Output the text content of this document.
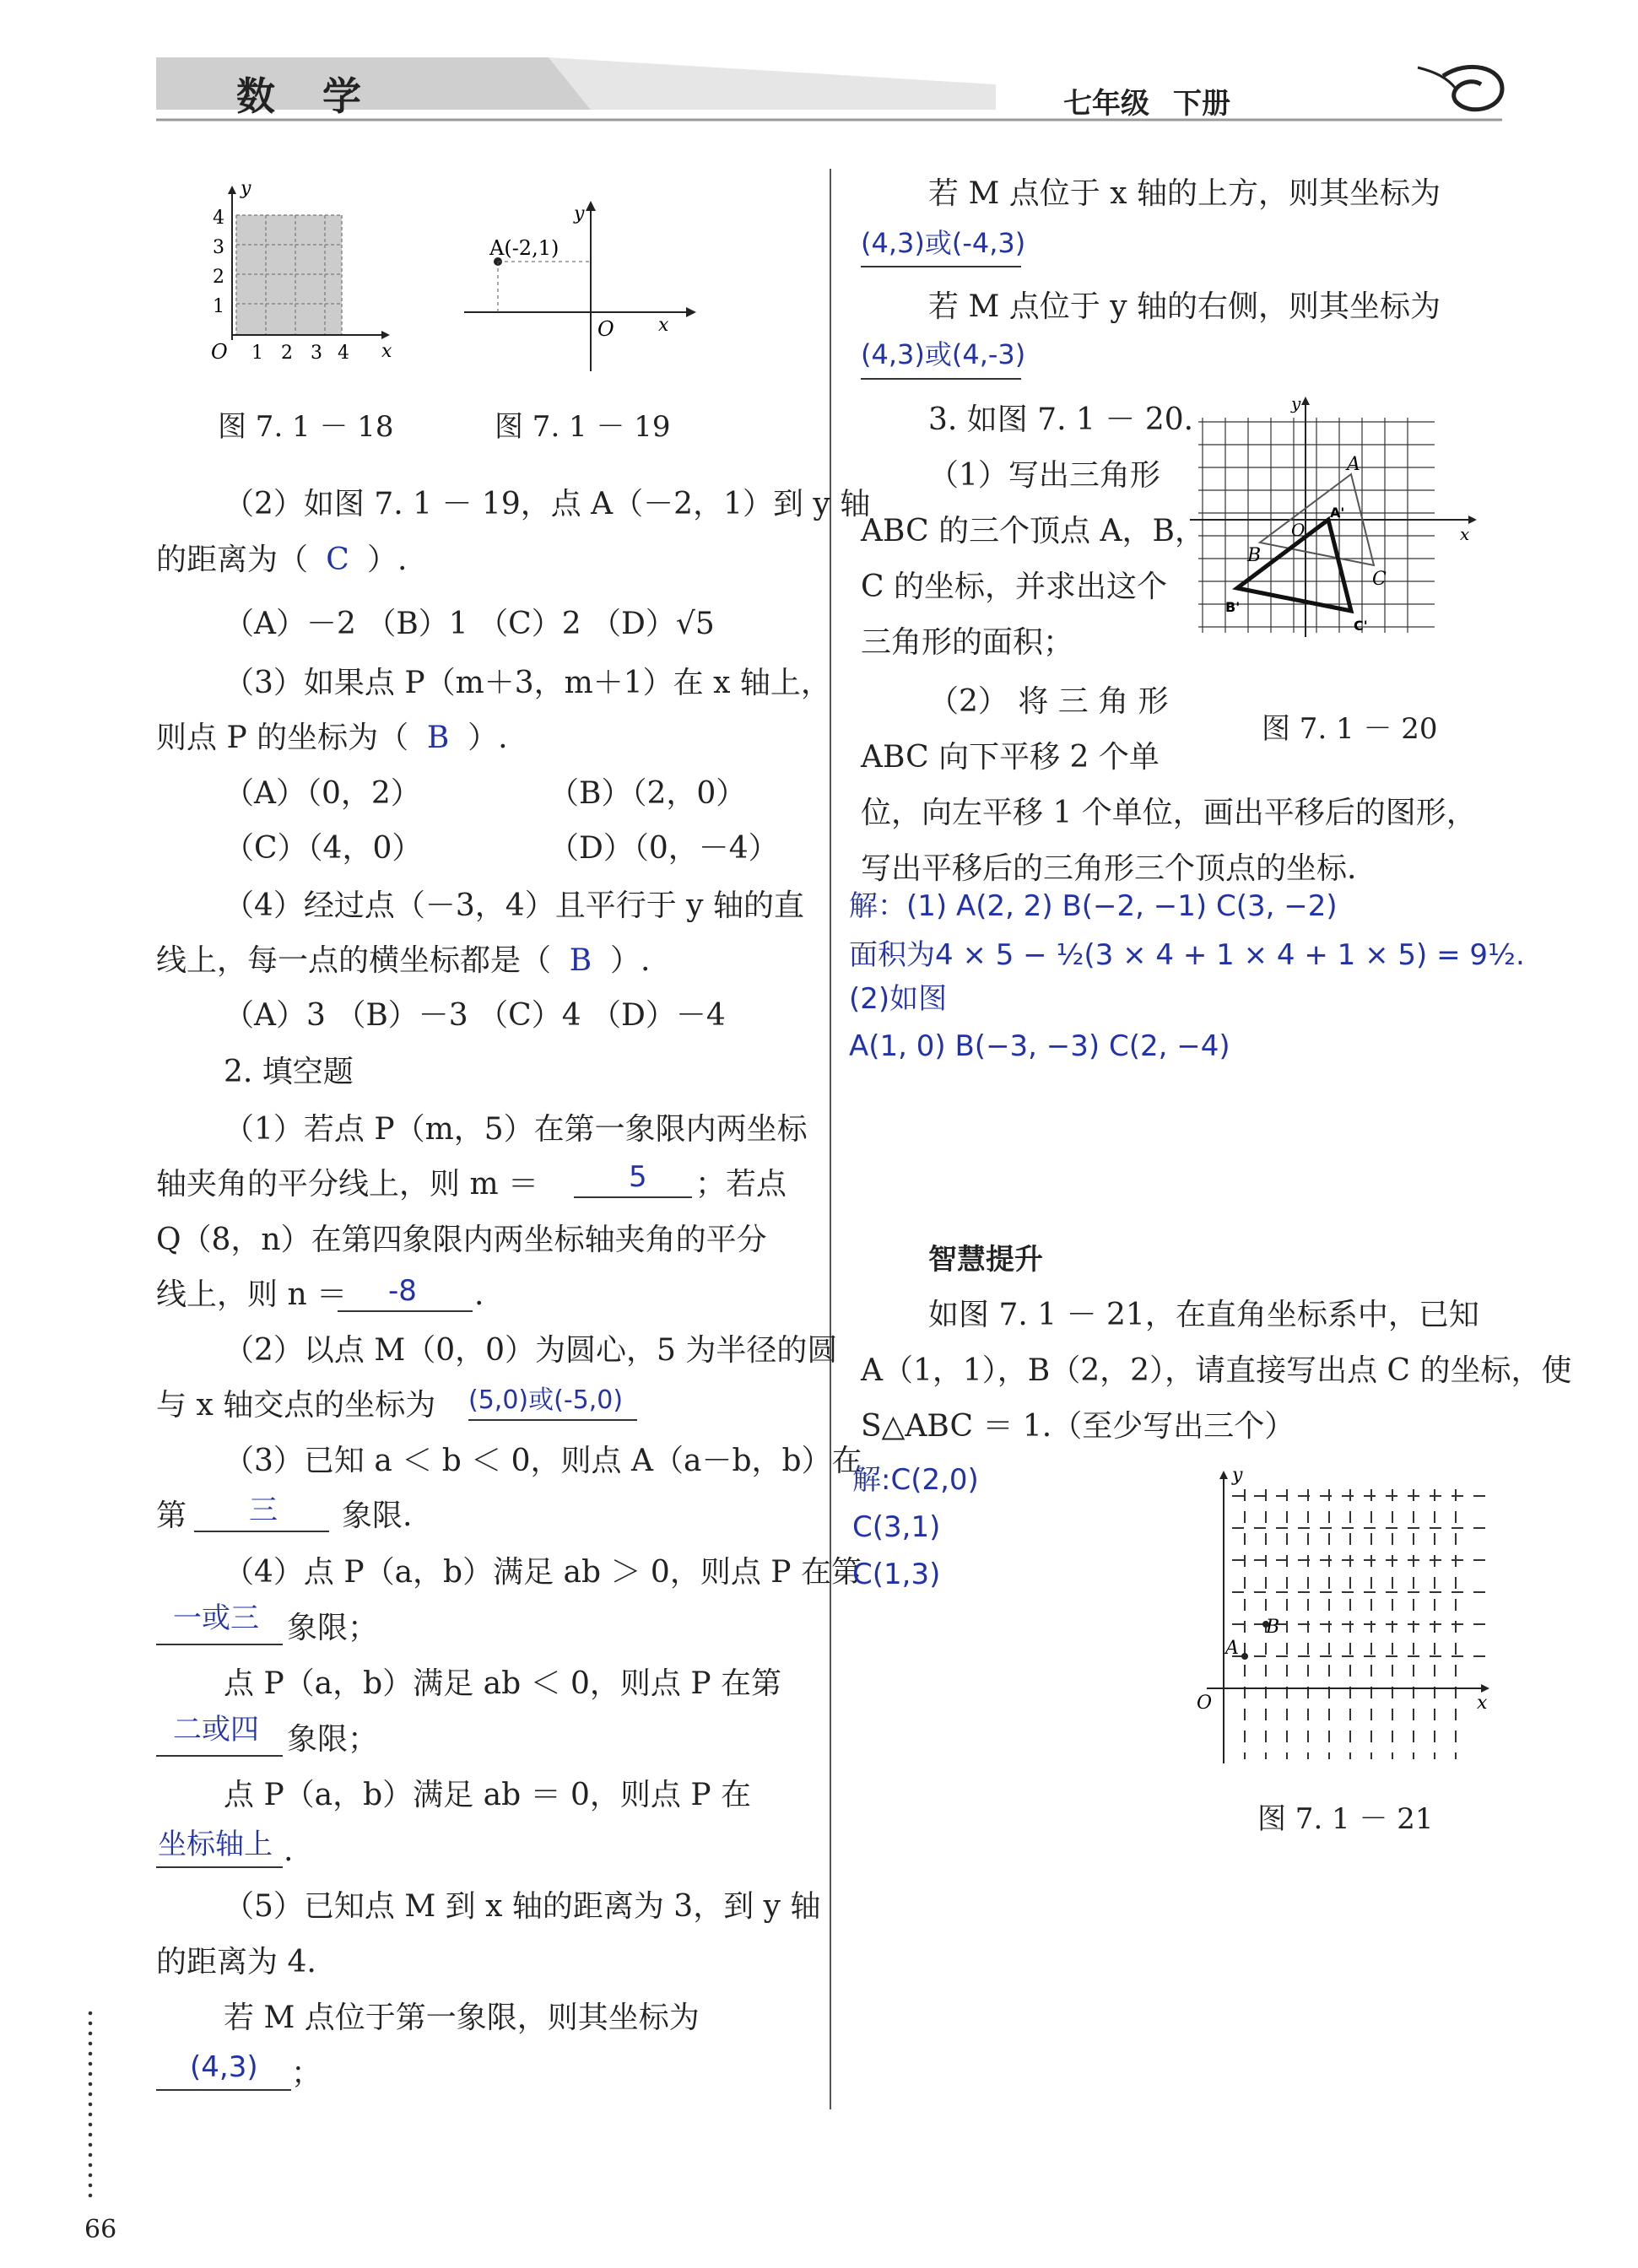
数 学	七年级 下册
y
x
O 1 2 3 4
1
2
3
4
图 7. 1 － 18
A(-2,1)
y
x
O
图 7. 1 － 19
（2）如图 7. 1 － 19，点 A（－2，1）到 y 轴
的距离为（ C ）.
（A）－2 （B）1 （C）2 （D）√5
（3）如果点 P（m＋3，m＋1）在 x 轴上，
则点 P 的坐标为（ B ）.
（A）（0，2）	（B）（2，0）
（C）（4，0）	（D）（0，－4）
（4）经过点（－3，4）且平行于 y 轴的直
线上，每一点的横坐标都是（ B ）.
（A）3 （B）－3 （C）4 （D）－4
2. 填空题
（1）若点 P（m，5）在第一象限内两坐标
轴夹角的平分线上，则 m ＝	5 ；若点
Q（8，n）在第四象限内两坐标轴夹角的平分
线上，则 n ＝ -8 .
（2）以点 M（0，0）为圆心，5 为半径的圆
与 x 轴交点的坐标为 (5,0)或(-5,0)
（3）已知 a ＜ b ＜ 0，则点 A（a－b，b）在
第 三 象限.
（4）点 P（a，b）满足 ab ＞ 0，则点 P 在第
一或三 象限；
点 P（a，b）满足 ab ＜ 0，则点 P 在第
二或四 象限；
点 P（a，b）满足 ab ＝ 0，则点 P 在
坐标轴上 .
（5）已知点 M 到 x 轴的距离为 3，到 y 轴
的距离为 4.
若 M 点位于第一象限，则其坐标为
(4,3) ；
66
若 M 点位于 x 轴的上方，则其坐标为
(4,3)或(-4,3)
若 M 点位于 y 轴的右侧，则其坐标为
(4,3)或(4,-3)
3. 如图 7. 1 － 20.
（1）写出三角形
ABC 的三个顶点 A，B，
C 的坐标，并求出这个
三角形的面积；
（2） 将 三 角 形
ABC 向下平移 2 个单
位，向左平移 1 个单位，画出平移后的图形，
写出平移后的三角形三个顶点的坐标.
A
B
C
A'
B'
C'
O	x
y
图 7. 1 － 20
解：(1) A(2, 2) B(−2, −1) C(3, −2)
面积为4 × 5 − ½(3 × 4 + 1 × 4 + 1 × 5) = 9½.
(2)如图
A(1, 0) B(−3, −3) C(2, −4)
智慧提升
如图 7. 1 － 21，在直角坐标系中，已知
A（1，1），B（2，2），请直接写出点 C 的坐标，使
S△ABC ＝ 1.（至少写出三个）
解:C(2,0)
C(3,1)
C(1,3)
A
B
O	x
y
图 7. 1 － 21
